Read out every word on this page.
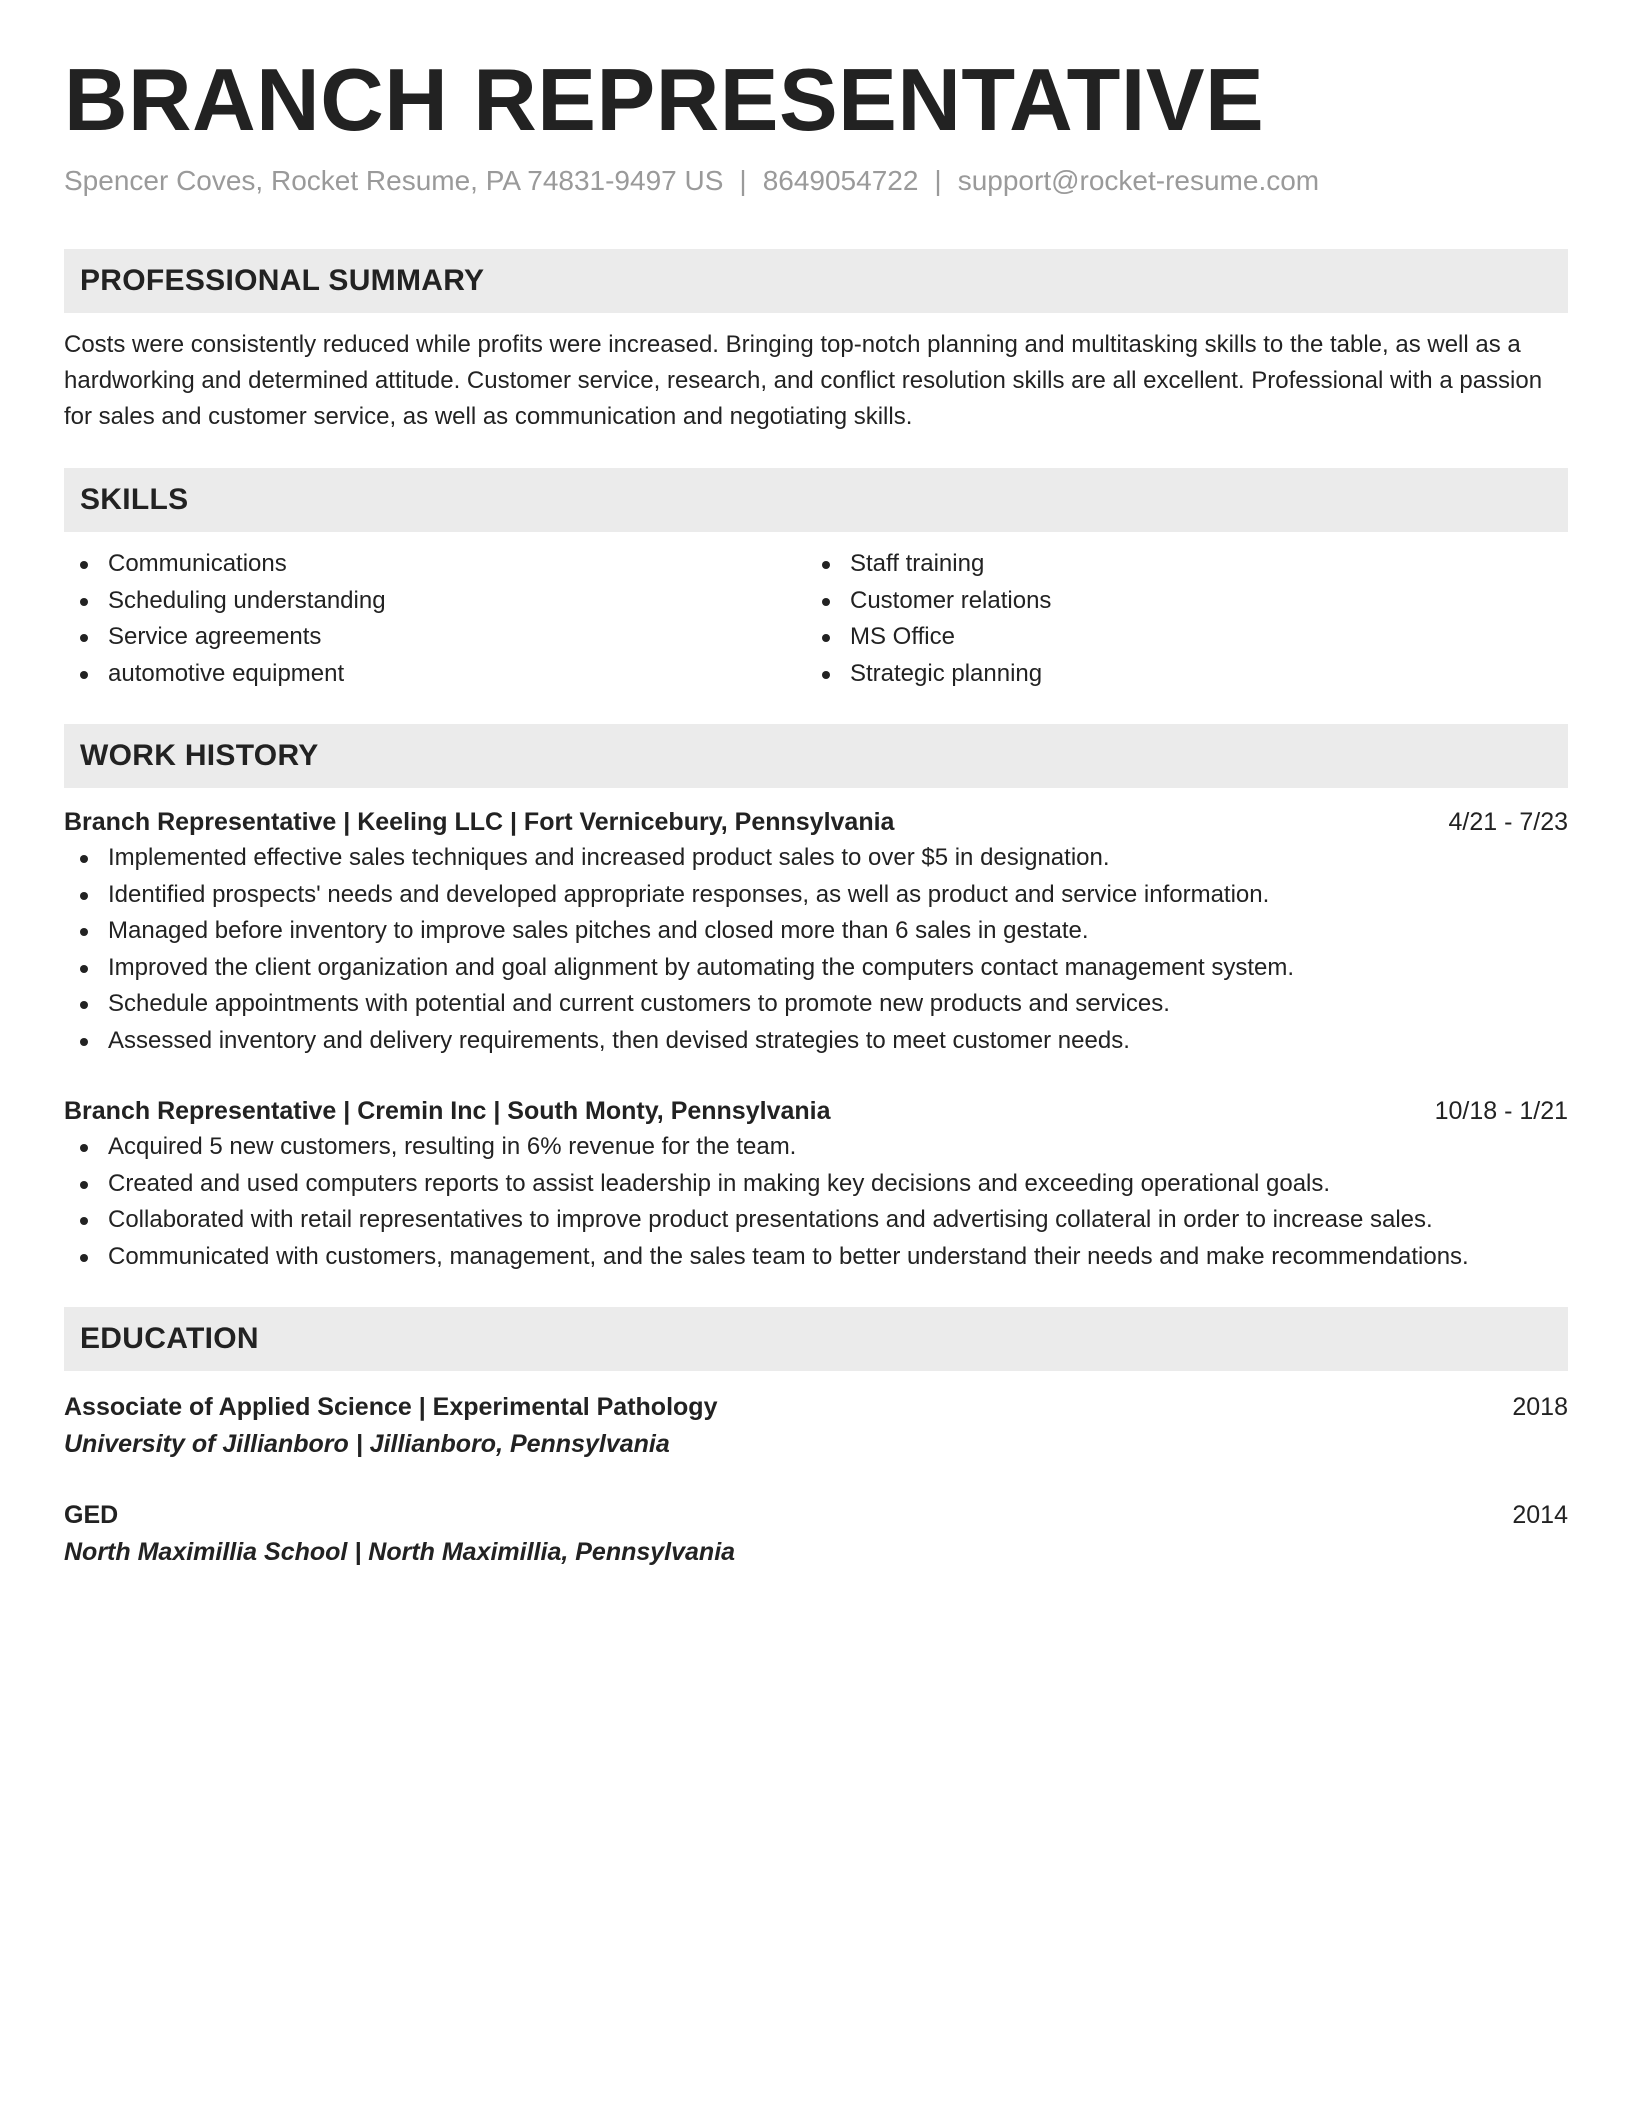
BRANCH REPRESENTATIVE
Spencer Coves, Rocket Resume, PA 74831-9497 US | 8649054722 | support@rocket-resume.com
PROFESSIONAL SUMMARY
Costs were consistently reduced while profits were increased. Bringing top-notch planning and multitasking skills to the table, as well as a hardworking and determined attitude. Customer service, research, and conflict resolution skills are all excellent. Professional with a passion for sales and customer service, as well as communication and negotiating skills.
SKILLS
Communications
Scheduling understanding
Service agreements
automotive equipment
Staff training
Customer relations
MS Office
Strategic planning
WORK HISTORY
Branch Representative | Keeling LLC | Fort Vernicebury, Pennsylvania	4/21 - 7/23
Implemented effective sales techniques and increased product sales to over $5 in designation.
Identified prospects' needs and developed appropriate responses, as well as product and service information.
Managed before inventory to improve sales pitches and closed more than 6 sales in gestate.
Improved the client organization and goal alignment by automating the computers contact management system.
Schedule appointments with potential and current customers to promote new products and services.
Assessed inventory and delivery requirements, then devised strategies to meet customer needs.
Branch Representative | Cremin Inc | South Monty, Pennsylvania	10/18 - 1/21
Acquired 5 new customers, resulting in 6% revenue for the team.
Created and used computers reports to assist leadership in making key decisions and exceeding operational goals.
Collaborated with retail representatives to improve product presentations and advertising collateral in order to increase sales.
Communicated with customers, management, and the sales team to better understand their needs and make recommendations.
EDUCATION
Associate of Applied Science | Experimental Pathology	2018
University of Jillianboro | Jillianboro, Pennsylvania
GED	2014
North Maximillia School | North Maximillia, Pennsylvania
